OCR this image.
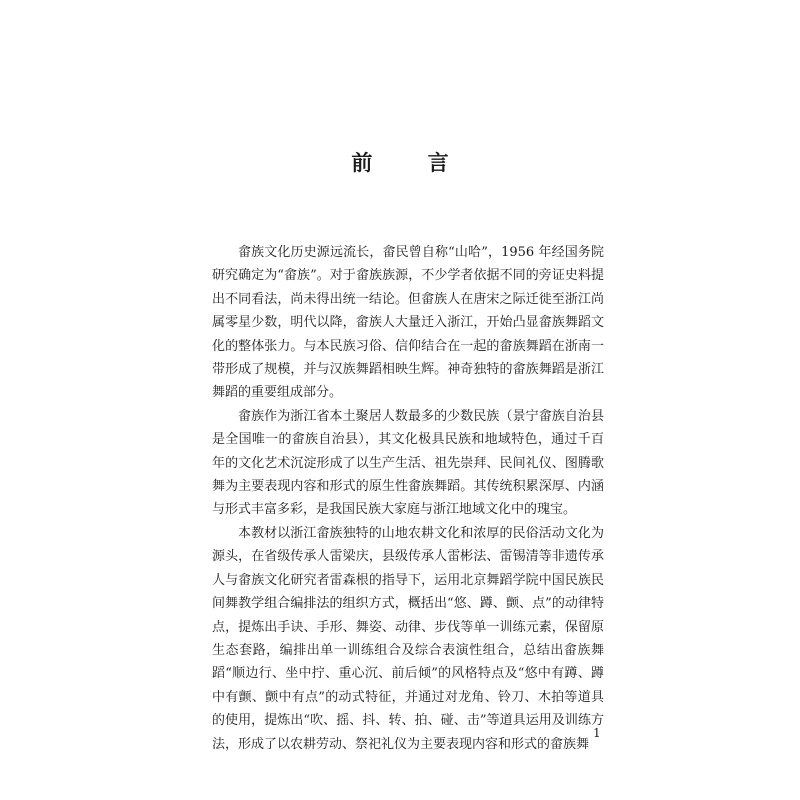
前 言

畲族文化历史源远流长，畲民曾自称“山哈”，1956 年经国务院研究确定为“畲族”。对于畲族族源，不少学者依据不同的旁证史料提出不同看法，尚未得出统一结论。但畲族人在唐宋之际迁徙至浙江尚属零星少数，明代以降，畲族人大量迁入浙江，开始凸显畲族舞蹈文化的整体张力。与本民族习俗、信仰结合在一起的畲族舞蹈在浙南一带形成了规模，并与汉族舞蹈相映生辉。神奇独特的畲族舞蹈是浙江舞蹈的重要组成部分。

畲族作为浙江省本土聚居人数最多的少数民族（景宁畲族自治县是全国唯一的畲族自治县），其文化极具民族和地域特色，通过千百年的文化艺术沉淀形成了以生产生活、祖先崇拜、民间礼仪、图腾歌舞为主要表现内容和形式的原生性畲族舞蹈。其传统积累深厚、内涵与形式丰富多彩，是我国民族大家庭与浙江地域文化中的瑰宝。

本教材以浙江畲族独特的山地农耕文化和浓厚的民俗活动文化为源头，在省级传承人雷梁庆，县级传承人雷彬法、雷锡清等非遗传承人与畲族文化研究者雷森根的指导下，运用北京舞蹈学院中国民族民间舞教学组合编排法的组织方式，概括出“悠、蹲、颤、点”的动律特点，提炼出手诀、手形、舞姿、动律、步伐等单一训练元素，保留原生态套路，编排出单一训练组合及综合表演性组合，总结出畲族舞蹈“顺边行、坐中拧、重心沉、前后倾”的风格特点及“悠中有蹲、蹲中有颤、颤中有点”的动式特征，并通过对龙角、铃刀、木拍等道具的使用，提炼出“吹、摇、抖、转、拍、碰、击”等道具运用及训练方法，形成了以农耕劳动、祭祀礼仪为主要表现内容和形式的畲族舞

1
